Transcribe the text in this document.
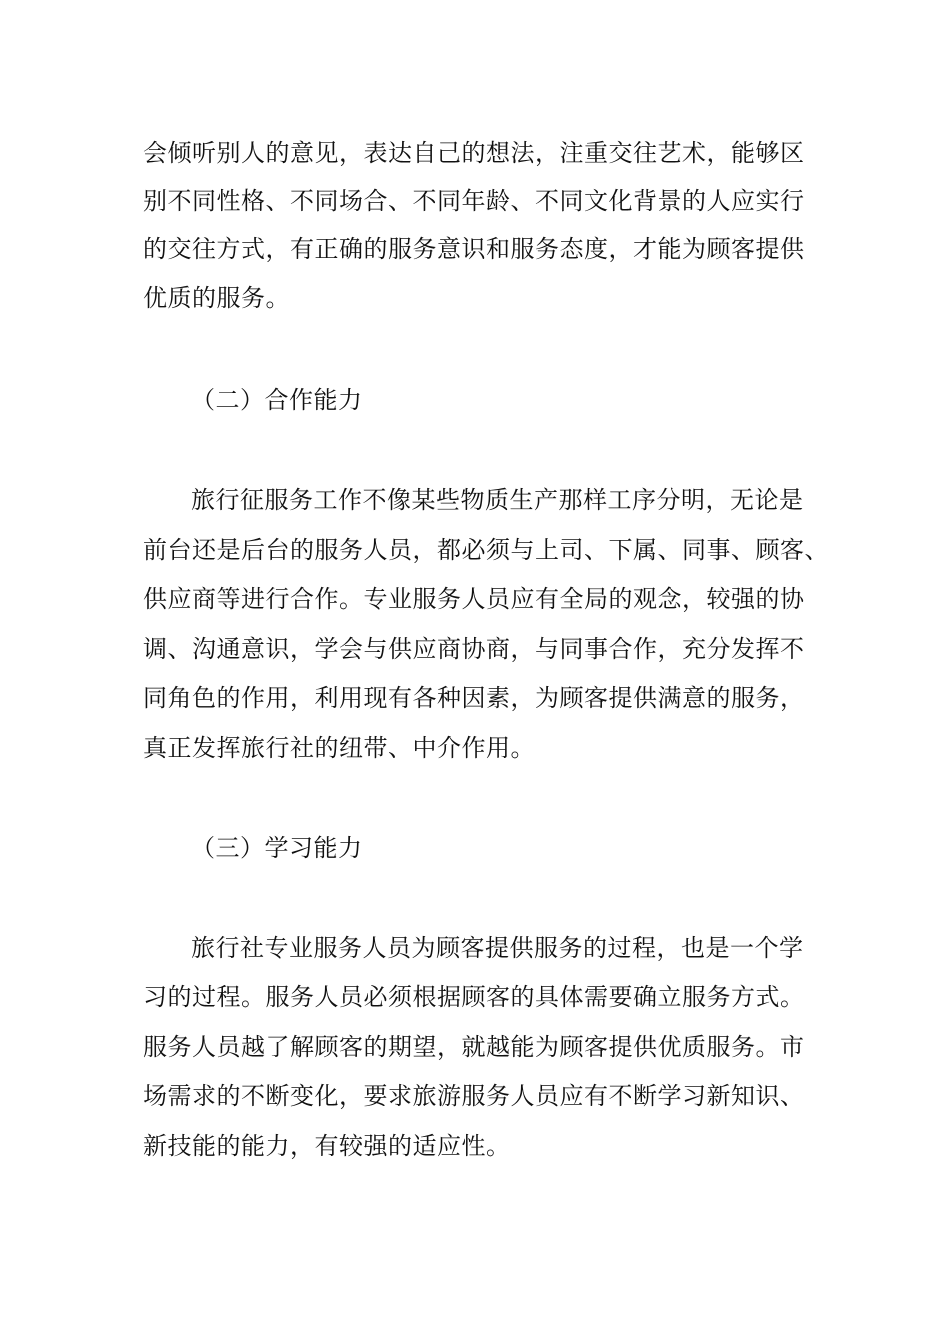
会倾听别人的意见，表达自己的想法，注重交往艺术，能够区
别不同性格、不同场合、不同年龄、不同文化背景的人应实行
的交往方式，有正确的服务意识和服务态度，才能为顾客提供
优质的服务。
（二）合作能力
旅行征服务工作不像某些物质生产那样工序分明，无论是
前台还是后台的服务人员，都必须与上司、下属、同事、顾客、
供应商等进行合作。专业服务人员应有全局的观念，较强的协
调、沟通意识，学会与供应商协商，与同事合作，充分发挥不
同角色的作用，利用现有各种因素，为顾客提供满意的服务，
真正发挥旅行社的纽带、中介作用。
（三）学习能力
旅行社专业服务人员为顾客提供服务的过程，也是一个学
习的过程。服务人员必须根据顾客的具体需要确立服务方式。
服务人员越了解顾客的期望，就越能为顾客提供优质服务。市
场需求的不断变化，要求旅游服务人员应有不断学习新知识、
新技能的能力，有较强的适应性。
